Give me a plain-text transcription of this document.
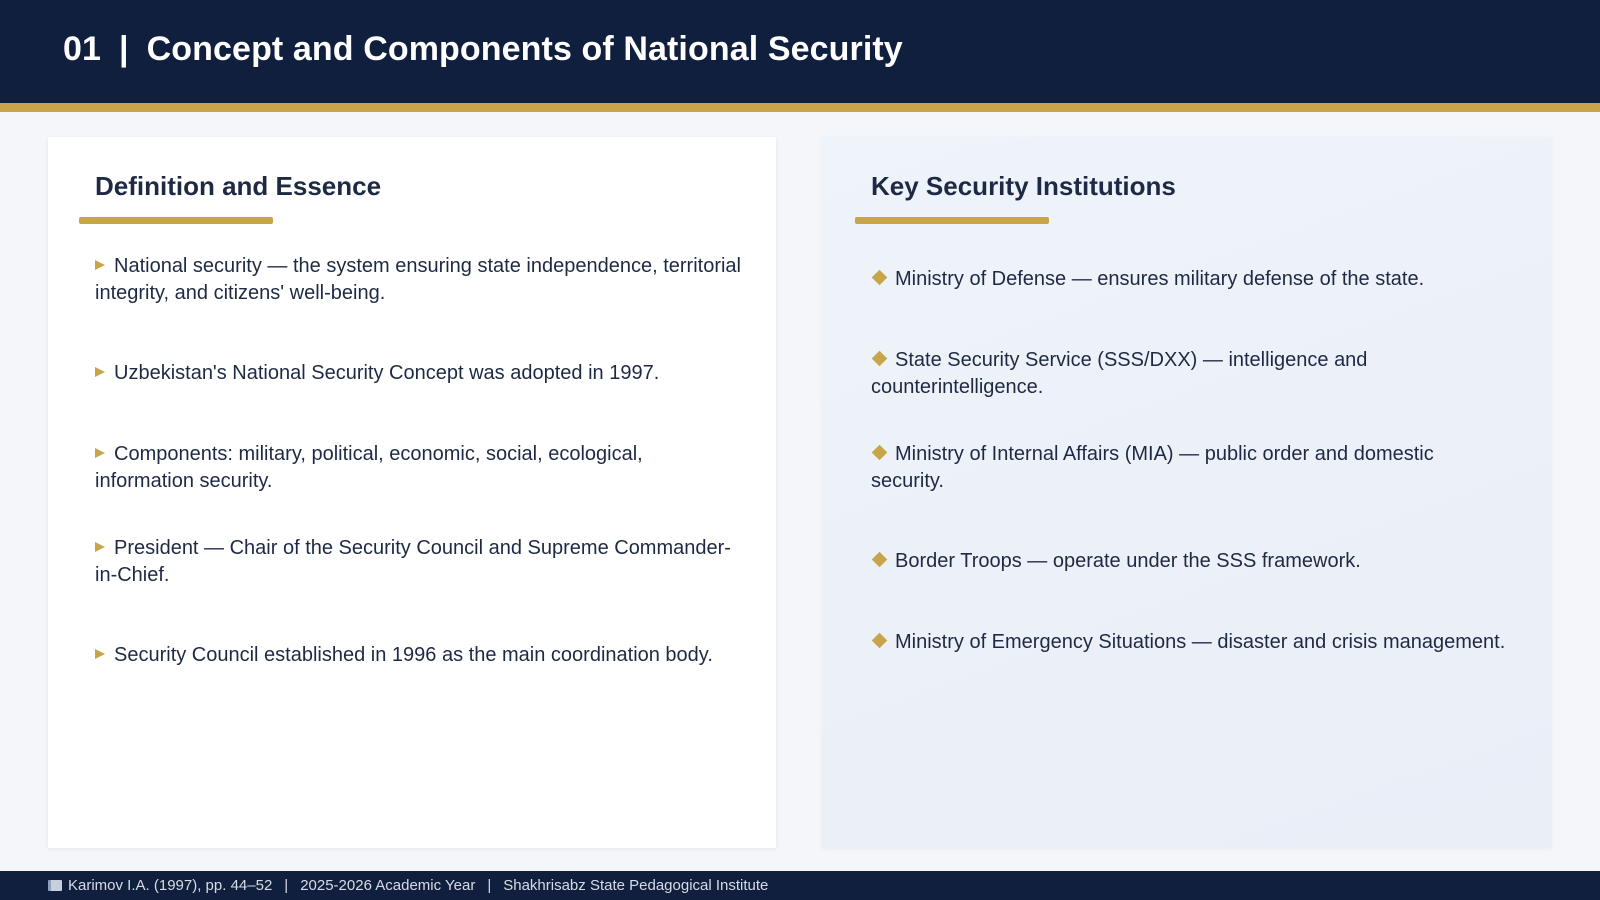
01 | Concept and Components of National Security
Definition and Essence
National security — the system ensuring state independence, territorial integrity, and citizens' well-being.
Uzbekistan's National Security Concept was adopted in 1997.
Components: military, political, economic, social, ecological, information security.
President — Chair of the Security Council and Supreme Commander-in-Chief.
Security Council established in 1996 as the main coordination body.
Key Security Institutions
Ministry of Defense — ensures military defense of the state.
State Security Service (SSS/DXX) — intelligence and counterintelligence.
Ministry of Internal Affairs (MIA) — public order and domestic security.
Border Troops — operate under the SSS framework.
Ministry of Emergency Situations — disaster and crisis management.
Karimov I.A. (1997), pp. 44–52 | 2025-2026 Academic Year | Shakhrisabz State Pedagogical Institute
